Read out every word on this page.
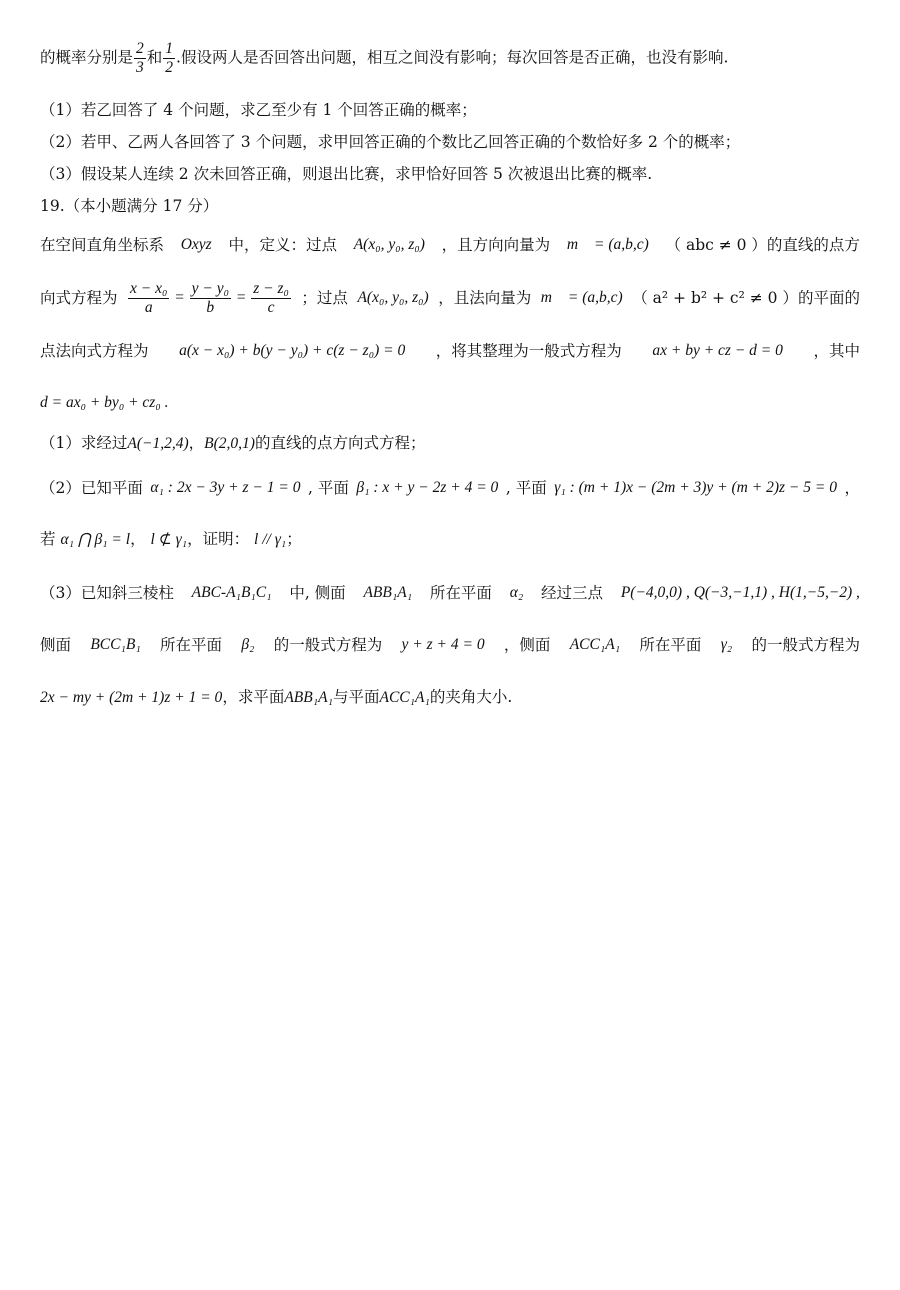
的概率分别是 $\frac{2}{3}$ 和 $\frac{1}{2}$ .假设两人是否回答出问题，相互之间没有影响；每次回答是否正确，也没有影响.
（1）若乙回答了 4 个问题，求乙至少有 1 个回答正确的概率；
（2）若甲、乙两人各回答了 3 个问题，求甲回答正确的个数比乙回答正确的个数恰好多 2 个的概率；
（3）假设某人连续 2 次未回答正确，则退出比赛，求甲恰好回答 5 次被退出比赛的概率.
19.（本小题满分 17 分）
在空间直角坐标系 Oxyz 中，定义：过点 A(x₀, y₀, z₀) ，且方向向量为 m⃗ = (a,b,c) （ abc ≠ 0 ）的直线的点方
向式方程为 $\frac{\text{x − x₀}}{a} = \frac{\text{y − y₀}}{b} = \frac{\text{z − z₀}}{c}$ ；过点 A(x₀, y₀, z₀) ，且法向量为 m⃗ = (a,b,c) （ a² + b² + c² ≠ 0 ）的平面的
点法向式方程为 a(x − x₀) + b(y − y₀) + c(z − z₀) = 0 ，将其整理为一般式方程为 ax + by + cz − d = 0 ，其中
d = ax₀ + by₀ + cz₀ .
（1）求经过A(−1,2,4)，B(2,0,1)的直线的点方向式方程；
（2）已知平面 α₁ : 2x − 3y + z − 1 = 0 , 平面 β₁ : x + y − 2z + 4 = 0 , 平面 γ₁ : (m + 1)x − (2m + 3)y + (m + 2)z − 5 = 0 ，
若 α₁ ⋂ β₁ = l， l ⊄ γ₁，证明： l // γ₁；
（3）已知斜三棱柱 ABC-A₁B₁C₁ 中, 侧面 ABB₁A₁ 所在平面 α₂ 经过三点 P(−4,0,0) , Q(−3,−1,1) , H(1,−5,−2) ,
侧面 BCC₁B₁ 所在平面 β₂ 的一般式方程为 y + z + 4 = 0 ，侧面 ACC₁A₁ 所在平面 γ₂ 的一般式方程为
2x − my + (2m + 1)z + 1 = 0，求平面ABB₁A₁与平面ACC₁A₁的夹角大小.
